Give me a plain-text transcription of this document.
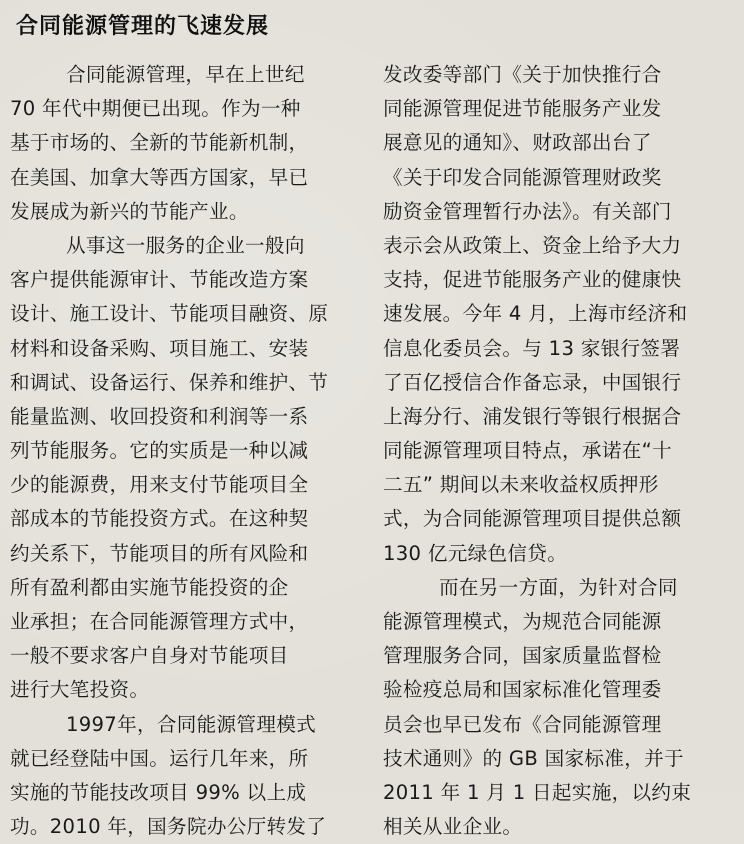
合同能源管理的飞速发展

合同能源管理，早在上世纪
70 年代中期便已出现。作为一种
基于市场的、全新的节能新机制，
在美国、加拿大等西方国家，早已
发展成为新兴的节能产业。

从事这一服务的企业一般向
客户提供能源审计、节能改造方案
设计、施工设计、节能项目融资、原
材料和设备采购、项目施工、安装
和调试、设备运行、保养和维护、节
能量监测、收回投资和利润等一系
列节能服务。它的实质是一种以减
少的能源费，用来支付节能项目全
部成本的节能投资方式。在这种契
约关系下，节能项目的所有风险和
所有盈利都由实施节能投资的企
业承担；在合同能源管理方式中，
一般不要求客户自身对节能项目
进行大笔投资。

1997年，合同能源管理模式
就已经登陆中国。运行几年来，所
实施的节能技改项目 99% 以上成
功。2010 年，国务院办公厅转发了

发改委等部门《关于加快推行合
同能源管理促进节能服务产业发
展意见的通知》、财政部出台了
《关于印发合同能源管理财政奖
励资金管理暂行办法》。有关部门
表示会从政策上、资金上给予大力
支持，促进节能服务产业的健康快
速发展。今年 4 月，上海市经济和
信息化委员会。与 13 家银行签署
了百亿授信合作备忘录，中国银行
上海分行、浦发银行等银行根据合
同能源管理项目特点，承诺在“十
二五” 期间以未来收益权质押形
式，为合同能源管理项目提供总额
130 亿元绿色信贷。

而在另一方面，为针对合同
能源管理模式，为规范合同能源
管理服务合同，国家质量监督检
验检疫总局和国家标准化管理委
员会也早已发布《合同能源管理
技术通则》的 GB 国家标准，并于
2011 年 1 月 1 日起实施，以约束
相关从业企业。
